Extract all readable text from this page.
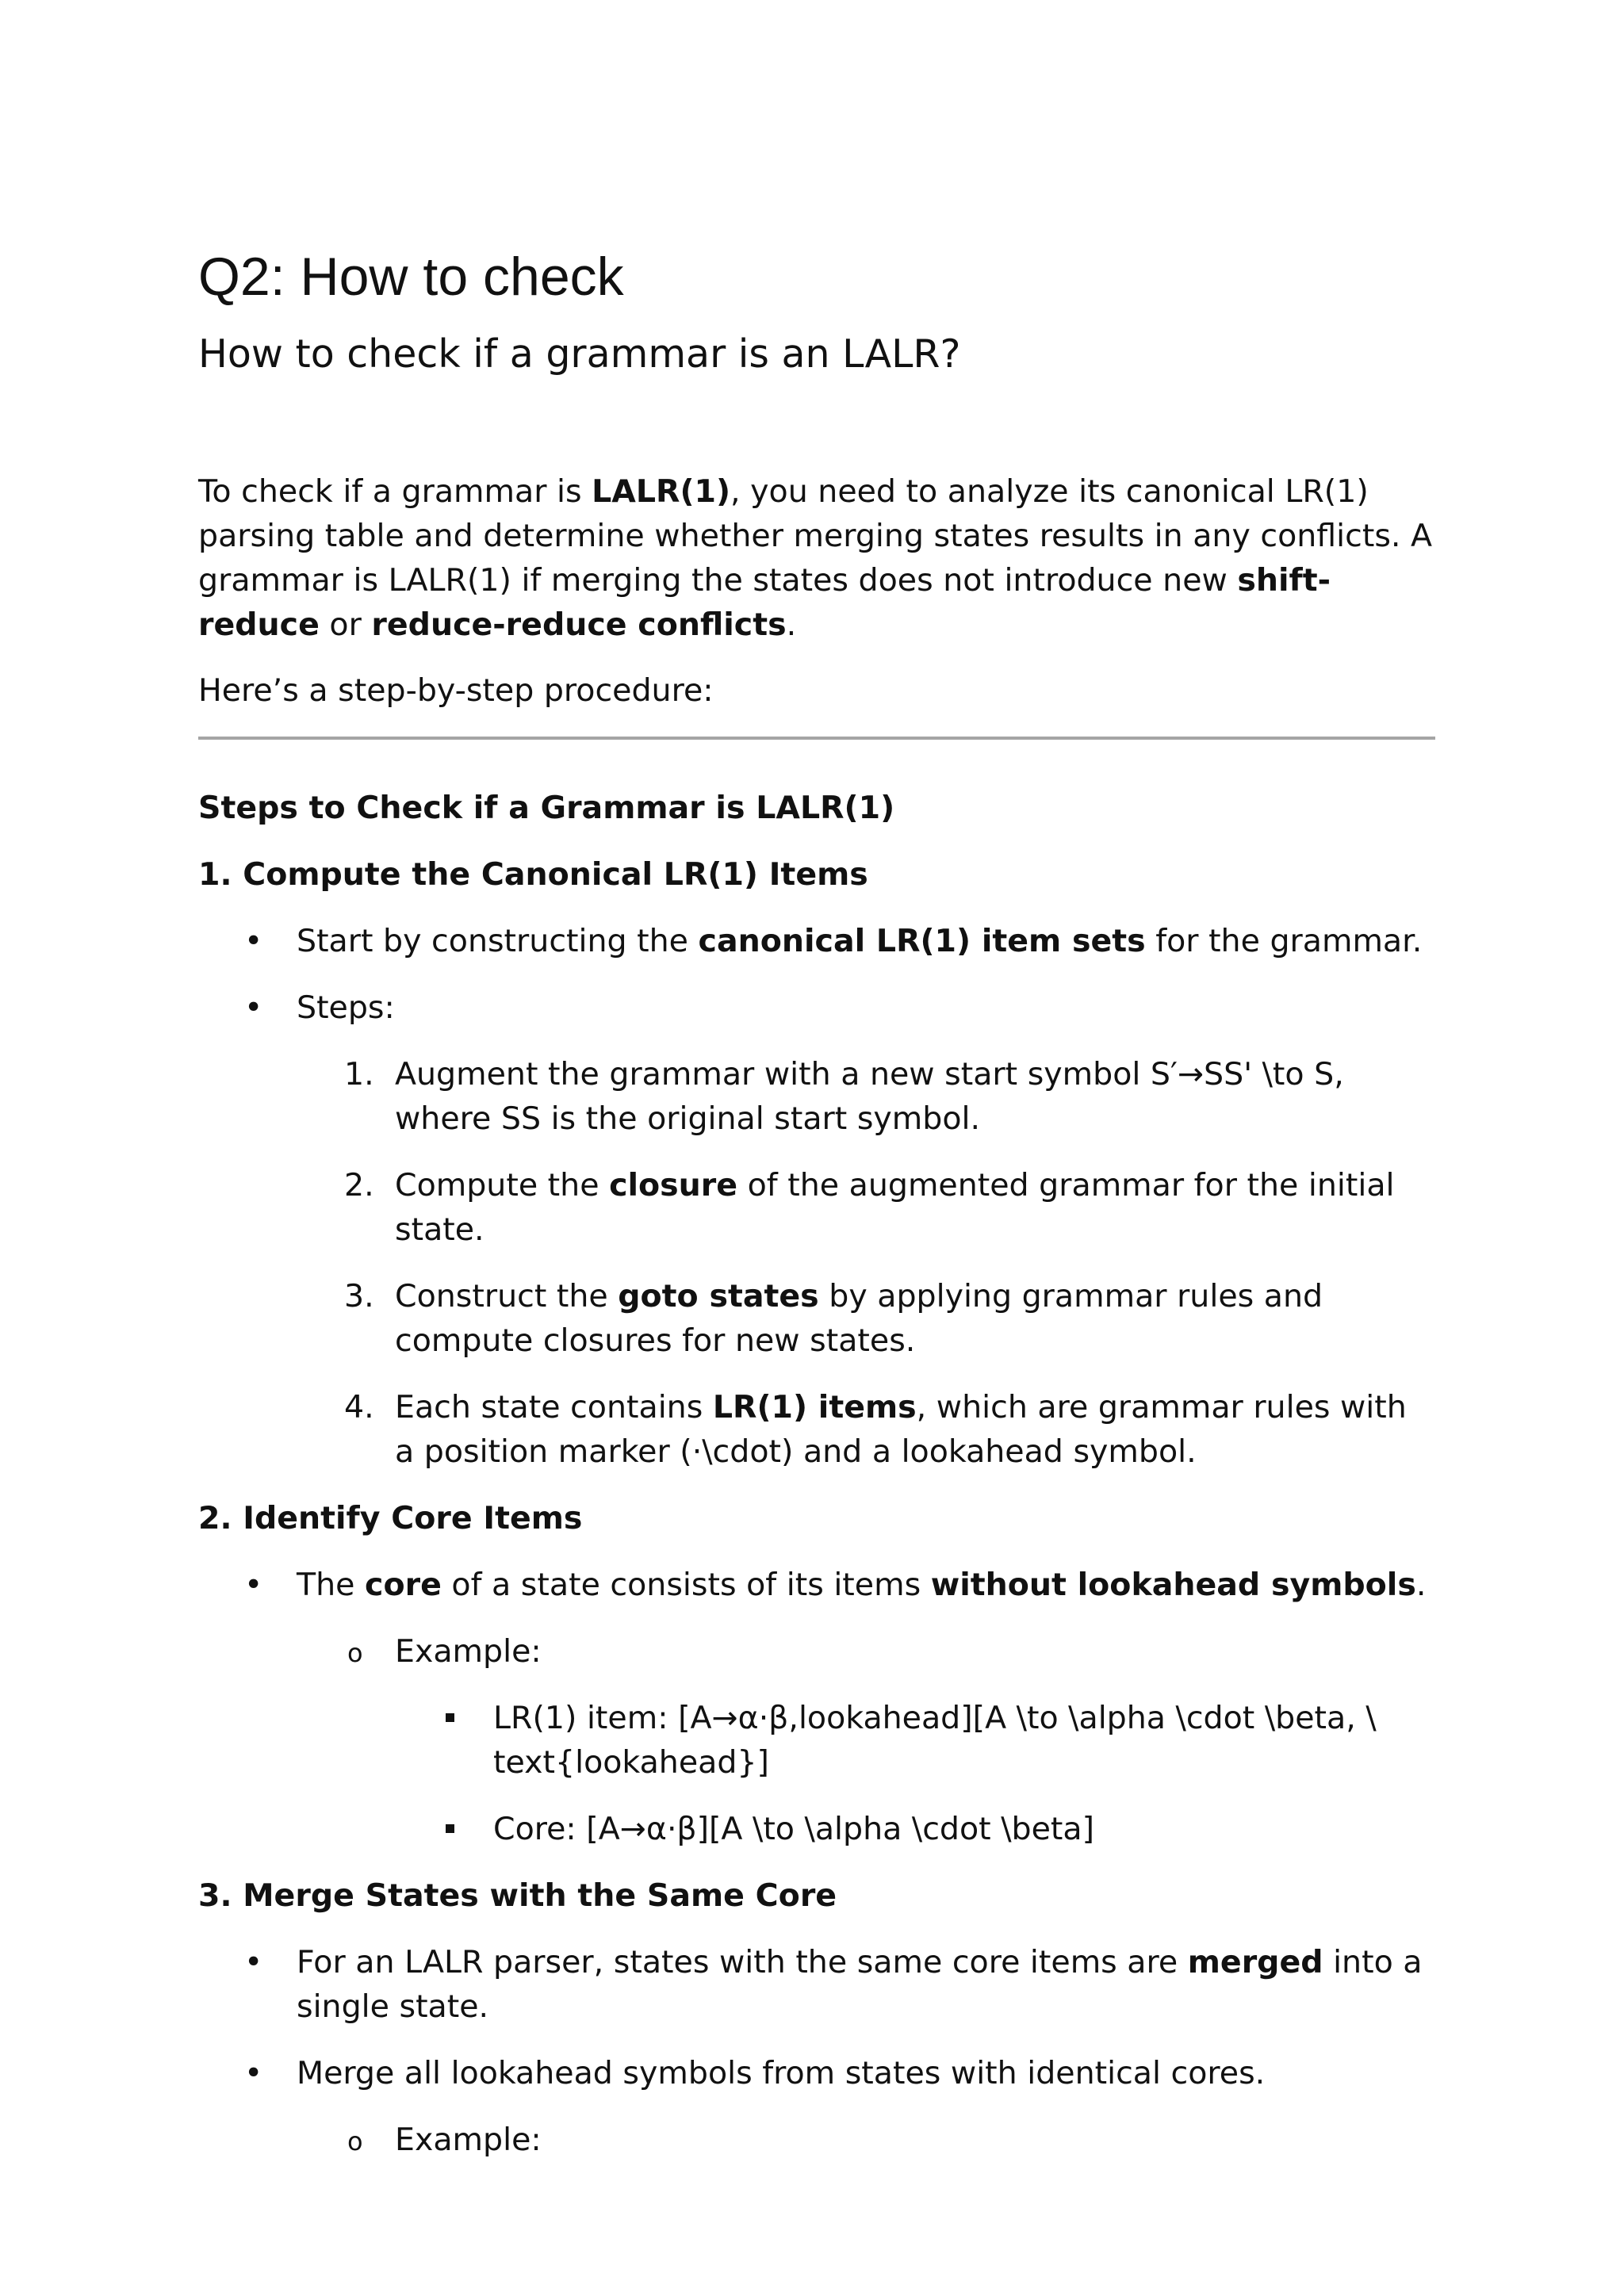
Q2: How to check
How to check if a grammar is an LALR?

To check if a grammar is LALR(1), you need to analyze its canonical LR(1) parsing table and determine whether merging states results in any conflicts. A grammar is LALR(1) if merging the states does not introduce new shift-reduce or reduce-reduce conflicts.

Here’s a step-by-step procedure:

Steps to Check if a Grammar is LALR(1)

1. Compute the Canonical LR(1) Items

• Start by constructing the canonical LR(1) item sets for the grammar.
• Steps:
1. Augment the grammar with a new start symbol S′→SS' \to S, where SS is the original start symbol.
2. Compute the closure of the augmented grammar for the initial state.
3. Construct the goto states by applying grammar rules and compute closures for new states.
4. Each state contains LR(1) items, which are grammar rules with a position marker (⋅\cdot) and a lookahead symbol.

2. Identify Core Items

• The core of a state consists of its items without lookahead symbols.
o Example:
LR(1) item: [A→α⋅β,lookahead][A \to \alpha \cdot \beta, \
text{lookahead}]
Core: [A→α⋅β][A \to \alpha \cdot \beta]

3. Merge States with the Same Core

• For an LALR parser, states with the same core items are merged into a single state.
• Merge all lookahead symbols from states with identical cores.
o Example:
